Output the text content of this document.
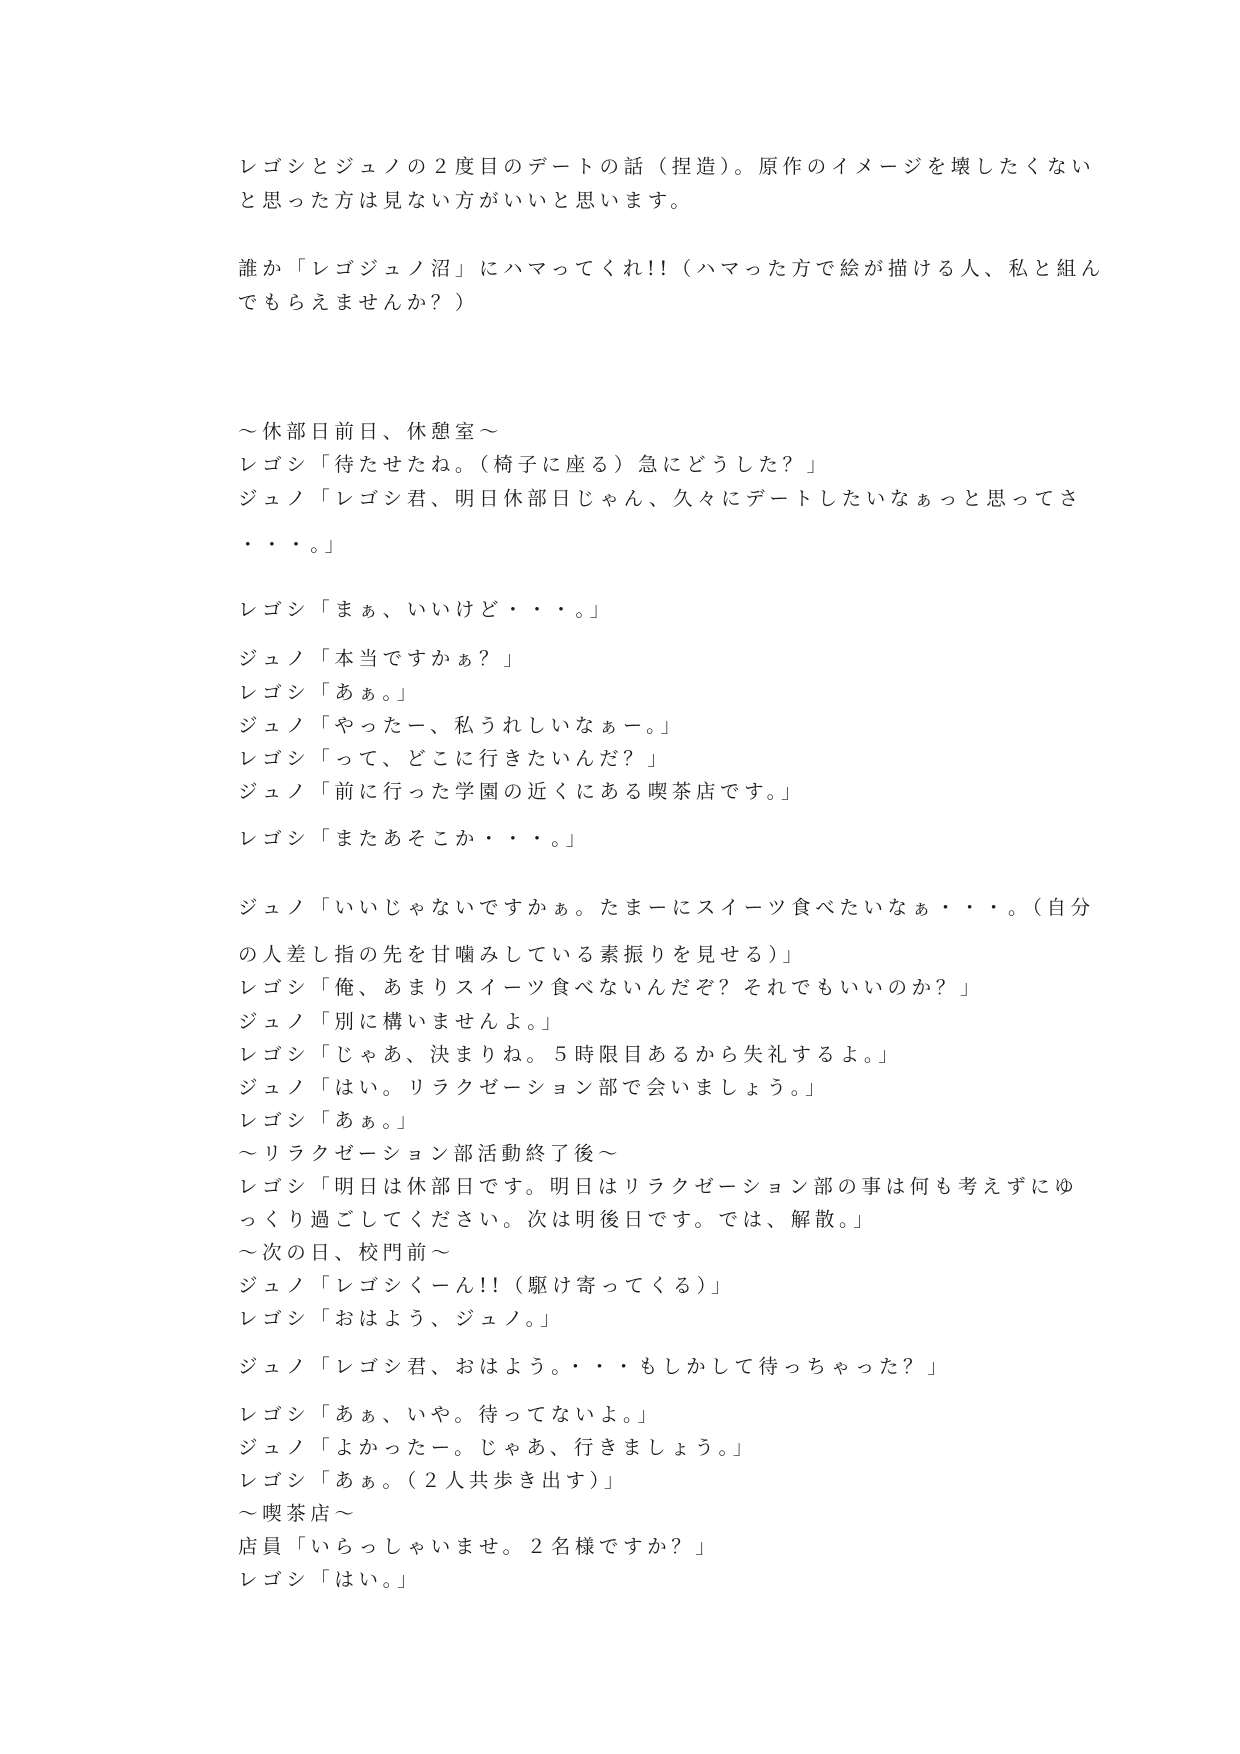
レゴシとジュノの２度目のデートの話（捏造）。原作のイメージを壊したくない
と思った方は見ない方がいいと思います。
誰か「レゴジュノ沼」にハマってくれ!!（ハマった方で絵が描ける人、私と組ん
でもらえませんか？）
〜休部日前日、休憩室〜
レゴシ「待たせたね。（椅子に座る）急にどうした？」
ジュノ「レゴシ君、明日休部日じゃん、久々にデートしたいなぁっと思ってさ
・・・。」
レゴシ「まぁ、いいけど・・・。」
ジュノ「本当ですかぁ？」
レゴシ「あぁ。」
ジュノ「やったー、私うれしいなぁー。」
レゴシ「って、どこに行きたいんだ？」
ジュノ「前に行った学園の近くにある喫茶店です。」
レゴシ「またあそこか・・・。」
ジュノ「いいじゃないですかぁ。たまーにスイーツ食べたいなぁ・・・。（自分
の人差し指の先を甘噛みしている素振りを見せる）」
レゴシ「俺、あまりスイーツ食べないんだぞ？それでもいいのか？」
ジュノ「別に構いませんよ。」
レゴシ「じゃあ、決まりね。５時限目あるから失礼するよ。」
ジュノ「はい。リラクゼーション部で会いましょう。」
レゴシ「あぁ。」
〜リラクゼーション部活動終了後〜
レゴシ「明日は休部日です。明日はリラクゼーション部の事は何も考えずにゆ
っくり過ごしてください。次は明後日です。では、解散。」
〜次の日、校門前〜
ジュノ「レゴシくーん!!（駆け寄ってくる）」
レゴシ「おはよう、ジュノ。」
ジュノ「レゴシ君、おはよう。・・・もしかして待っちゃった？」
レゴシ「あぁ、いや。待ってないよ。」
ジュノ「よかったー。じゃあ、行きましょう。」
レゴシ「あぁ。（２人共歩き出す）」
〜喫茶店〜
店員「いらっしゃいませ。２名様ですか？」
レゴシ「はい。」
